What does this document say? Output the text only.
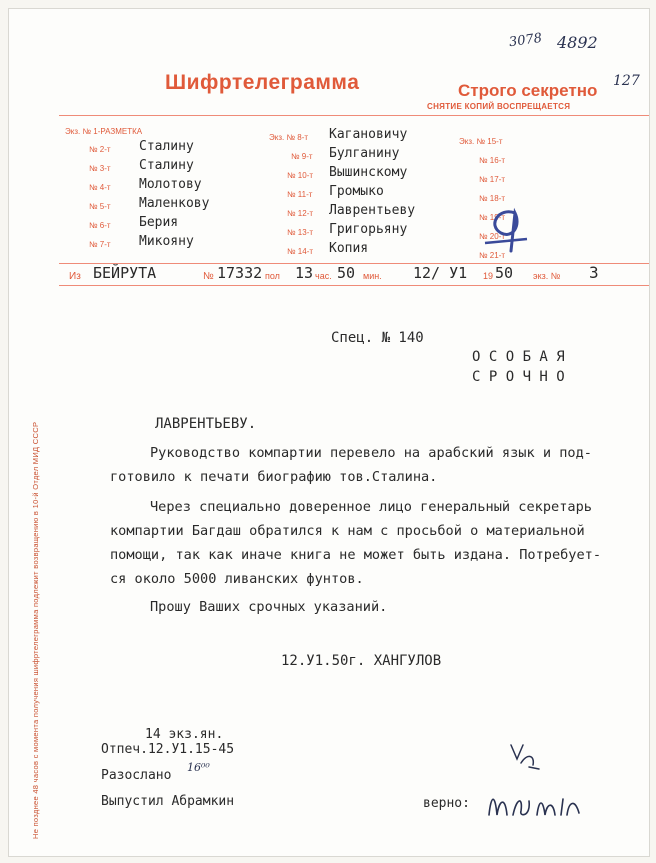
3078 4892
127
Шифртелеграмма	Строго секретно
СНЯТИЕ КОПИЙ ВОСПРЕЩАЕТСЯ
Экз. № 1-РАЗМЕТКА
№ 2-т Сталину
№ 3-т Сталину
№ 4-т Молотову
№ 5-т Маленкову
№ 6-т Берия
№ 7-т Микояну
Экз. № 8-т Кагановичу
№ 9-т Булганину
№ 10-т Вышинскому
№ 11-т Громыко
№ 12-т Лаврентьеву
№ 13-т Григорьяну
№ 14-т Копия
Экз. № 15-т
№ 16-т
№ 17-т
№ 18-т
№ 19-т
№ 20-т
№ 21-т
Из БЕЙРУТА	№ 17332 пол 13 час. 50 мин. 12/ У1 19 50 экз. № 3
Не позднее 48 часов с момента получения шифртелеграмма подлежит возвращению в 10-й Отдел МИД СССР
Спец. № 140
О С О Б А Я
С Р О Ч Н О
ЛАВРЕНТЬЕВУ.
Руководство компартии перевело на арабский язык и под-
готовило к печати биографию тов.Сталина.
Через специально доверенное лицо генеральный секретарь
компартии Багдаш обратился к нам с просьбой о материальной
помощи, так как иначе книга не может быть издана. Потребует-
ся около 5000 ливанских фунтов.
Прошу Ваших срочных указаний.
12.У1.50г. ХАНГУЛОВ
14 экз.ян.
Отпеч.12.У1.15-45
Разослано
16⁰⁰
Выпустил Абрамкин	верно:
